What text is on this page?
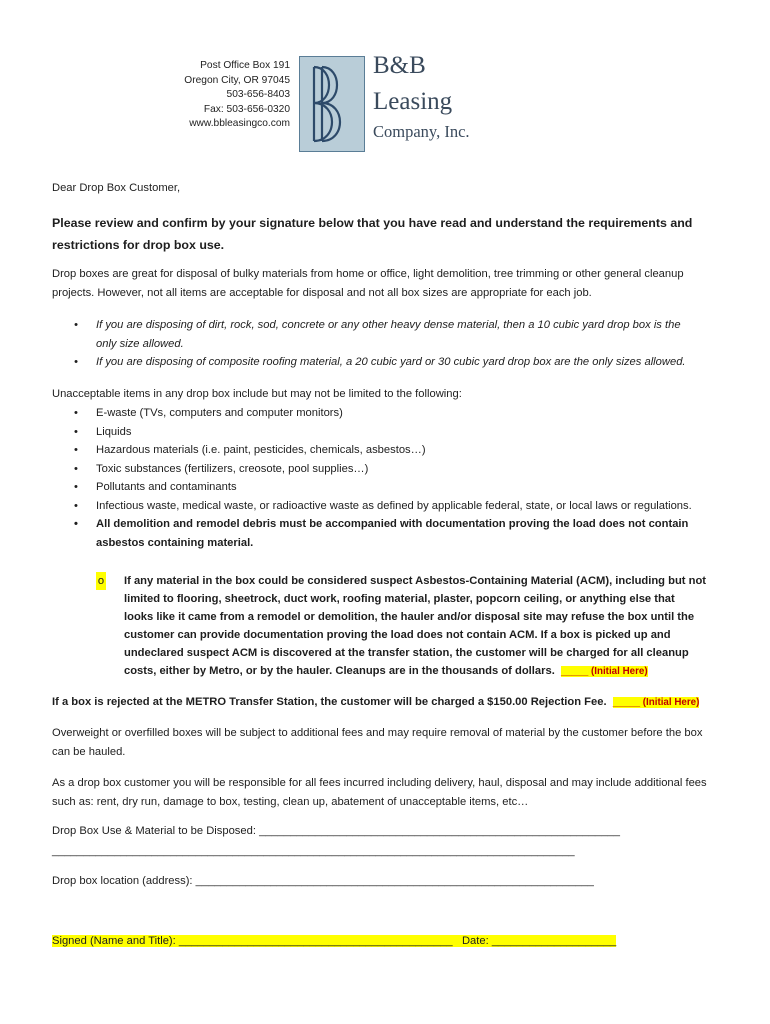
Post Office Box 191
Oregon City, OR 97045
503-656-8403
Fax: 503-656-0320
www.bbleasingco.com
B&B
Leasing
Company, Inc.
Dear Drop Box Customer,
Please review and confirm by your signature below that you have read and understand the requirements and restrictions for drop box use.
Drop boxes are great for disposal of bulky materials from home or office, light demolition, tree trimming or other general cleanup projects. However, not all items are acceptable for disposal and not all box sizes are appropriate for each job.
• If you are disposing of dirt, rock, sod, concrete or any other heavy dense material, then a 10 cubic yard drop box is the only size allowed.
• If you are disposing of composite roofing material, a 20 cubic yard or 30 cubic yard drop box are the only sizes allowed.
Unacceptable items in any drop box include but may not be limited to the following:
• E-waste (TVs, computers and computer monitors)
• Liquids
• Hazardous materials (i.e. paint, pesticides, chemicals, asbestos…)
• Toxic substances (fertilizers, creosote, pool supplies…)
• Pollutants and contaminants
• Infectious waste, medical waste, or radioactive waste as defined by applicable federal, state, or local laws or regulations.
• All demolition and remodel debris must be accompanied with documentation proving the load does not contain asbestos containing material.
o	If any material in the box could be considered suspect Asbestos-Containing Material (ACM), including but not limited to flooring, sheetrock, duct work, roofing material, plaster, popcorn ceiling, or anything else that looks like it came from a remodel or demolition, the hauler and/or disposal site may refuse the box until the customer can provide documentation proving the load does not contain ACM. If a box is picked up and undeclared suspect ACM is discovered at the transfer station, the customer will be charged for all cleanup costs, either by Metro, or by the hauler. Cleanups are in the thousands of dollars. _____ (Initial Here)
If a box is rejected at the METRO Transfer Station, the customer will be charged a $150.00 Rejection Fee. _____ (Initial Here)
Overweight or overfilled boxes will be subject to additional fees and may require removal of material by the customer before the box can be hauled.
As a drop box customer you will be responsible for all fees incurred including delivery, haul, disposal and may include additional fees such as: rent, dry run, damage to box, testing, clean up, abatement of unacceptable items, etc…
Drop Box Use & Material to be Disposed: __________________________________________________________
____________________________________________________________________________________
Drop box location (address): ________________________________________________________________
Signed (Name and Title): ____________________________________________ Date: ____________________
